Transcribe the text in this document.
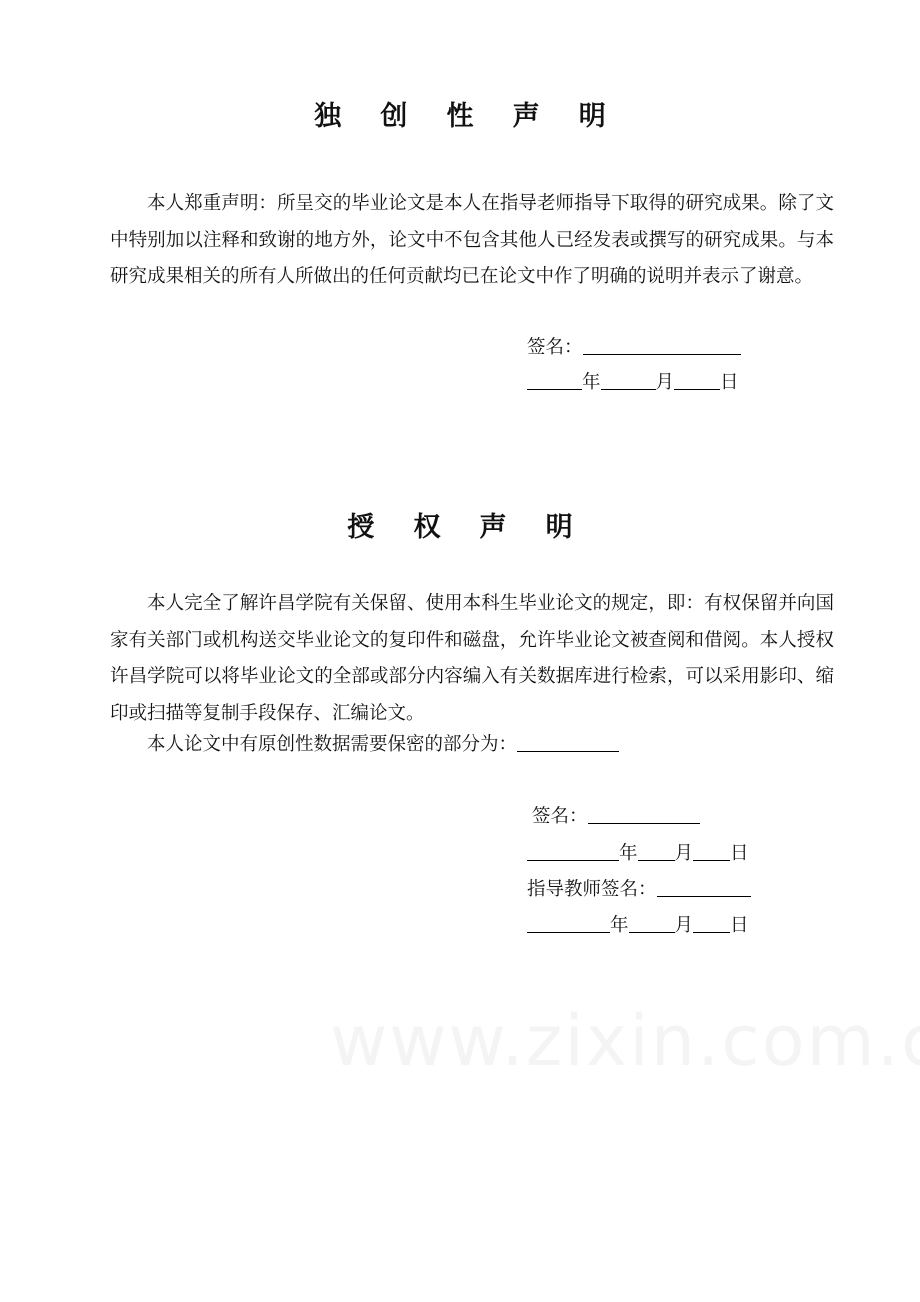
独 创 性 声 明

本人郑重声明：所呈交的毕业论文是本人在指导老师指导下取得的研究成果。除了文中特别加以注释和致谢的地方外，论文中不包含其他人已经发表或撰写的研究成果。与本研究成果相关的所有人所做出的任何贡献均已在论文中作了明确的说明并表示了谢意。

签名：
年	月 日
授 权 声 明

本人完全了解许昌学院有关保留、使用本科生毕业论文的规定，即：有权保留并向国家有关部门或机构送交毕业论文的复印件和磁盘，允许毕业论文被查阅和借阅。本人授权许昌学院可以将毕业论文的全部或部分内容编入有关数据库进行检索，可以采用影印、缩印或扫描等复制手段保存、汇编论文。

本人论文中有原创性数据需要保密的部分为：
签名：
年 月 日
指导教师签名：
年 月 日
